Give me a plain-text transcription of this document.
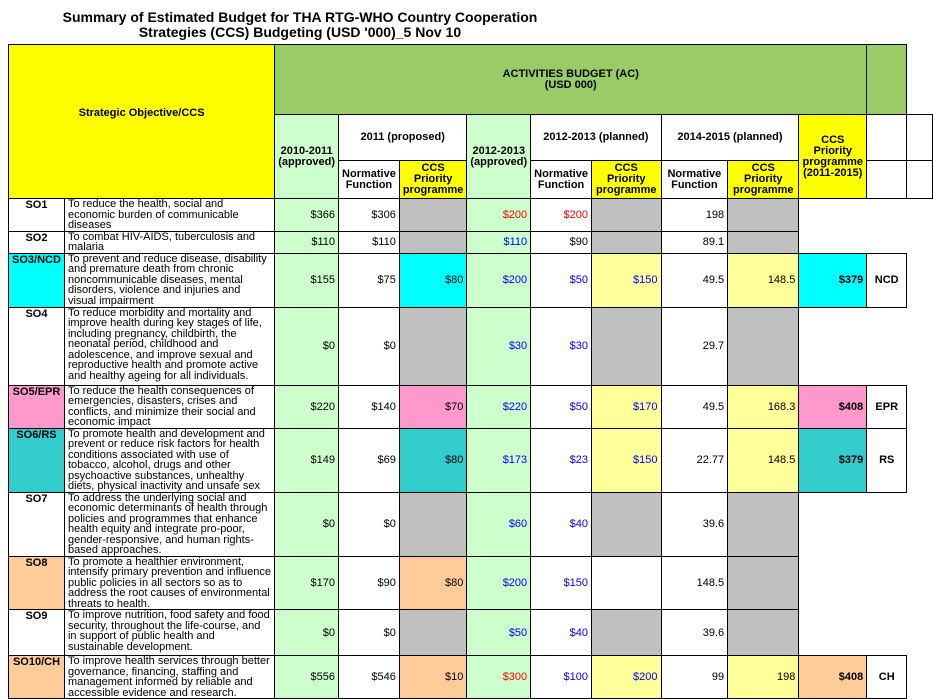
Summary of Estimated Budget for THA RTG-WHO Country Cooperation
Strategies (CCS) Budgeting (USD '000)_5 Nov 10
Strategic Objective/CCS		ACTIVITIES BUDGET (AC)
(USD 000)										

		2010-2011 (approved)	2011 (proposed)		2012-2013 (approved)	2012-2013 (planned)		2014-2015 (planned)		CCS Priority programme (2011-2015)		
			Normative Function	CCS Priority programme		Normative Function	CCS Priority programme	Normative Function	CCS Priority programme			
SO1	To reduce the health, social and economic burden of communicable diseases	$366	$306		$200	$200		198				
SO2	To combat HIV-AIDS, tuberculosis and malaria	$110	$110		$110	$90		89.1				
SO3/NCD	To prevent and reduce disease, disability and premature death from chronic noncommunicable diseases, mental disorders, violence and injuries and visual impairment	$155	$75	$80	$200	$50	$150	49.5	148.5	$379	NCD	
SO4	To reduce morbidity and mortality and improve health during key stages of life, including pregnancy, childbirth, the neonatal period, childhood and adolescence, and improve sexual and reproductive health and promote active and healthy ageing for all individuals.	$0	$0		$30	$30		29.7				
SO5/EPR	To reduce the health consequences of emergencies, disasters, crises and conflicts, and minimize their social and economic impact	$220	$140	$70	$220	$50	$170	49.5	168.3	$408	EPR	
SO6/RS	To promote health and development and prevent or reduce risk factors for health conditions associated with use of tobacco, alcohol, drugs and other psychoactive substances, unhealthy diets, physical inactivity and unsafe sex	$149	$69	$80	$173	$23	$150	22.77	148.5	$379	RS	
SO7	To address the underlying social and economic determinants of health through policies and programmes that enhance health equity and integrate pro-poor, gender-responsive, and human rights-based approaches.	$0	$0		$60	$40		39.6				
SO8	To promote a healthier environment, intensify primary prevention and influence public policies in all sectors so as to address the root causes of environmental threats to health.	$170	$90	$80	$200	$150		148.5				
SO9	To improve nutrition, food safety and food security, throughout the life-course, and in support of public health and sustainable development.	$0	$0		$50	$40		39.6				
SO10/CH	To improve health services through better governance, financing, staffing and management informed by reliable and accessible evidence and research.	$556	$546	$10	$300	$100	$200	99	198	$408	CH	
